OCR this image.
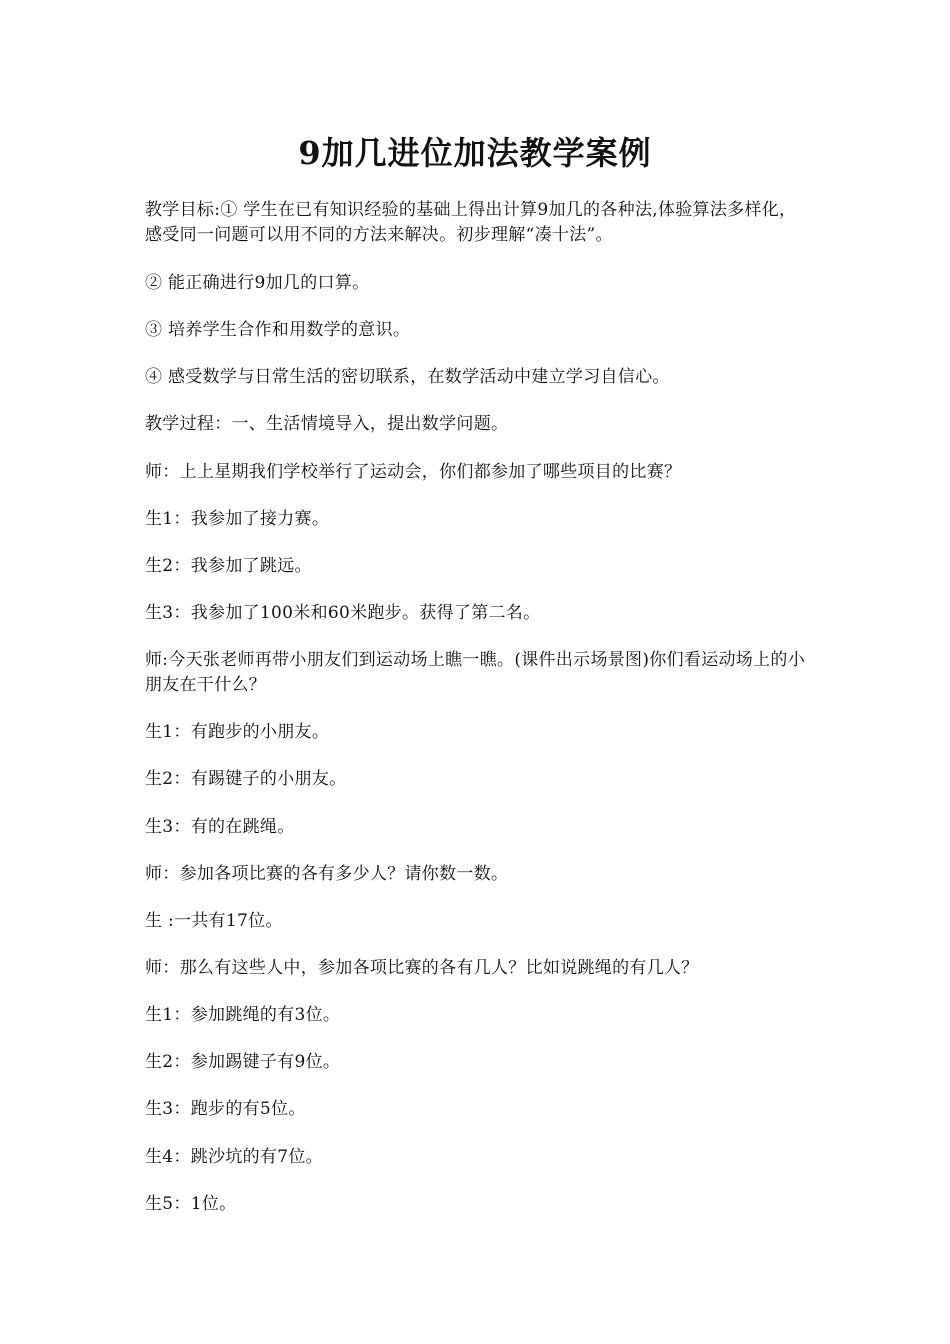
9加几进位加法教学案例

教学目标:① 学生在已有知识经验的基础上得出计算9加几的各种法,体验算法多样化，感受同一问题可以用不同的方法来解决。初步理解“凑十法”。

② 能正确进行9加几的口算。

③ 培养学生合作和用数学的意识。

④ 感受数学与日常生活的密切联系，在数学活动中建立学习自信心。

教学过程：一、生活情境导入，提出数学问题。

师：上上星期我们学校举行了运动会，你们都参加了哪些项目的比赛？

生1：我参加了接力赛。

生2：我参加了跳远。

生3：我参加了100米和60米跑步。获得了第二名。

师:今天张老师再带小朋友们到运动场上瞧一瞧。(课件出示场景图)你们看运动场上的小朋友在干什么？

生1：有跑步的小朋友。

生2：有踢键子的小朋友。

生3：有的在跳绳。

师：参加各项比赛的各有多少人？请你数一数。

生 :一共有17位。

师：那么有这些人中，参加各项比赛的各有几人？比如说跳绳的有几人？

生1：参加跳绳的有3位。

生2：参加踢键子有9位。

生3：跑步的有5位。

生4：跳沙坑的有7位。

生5：1位。
